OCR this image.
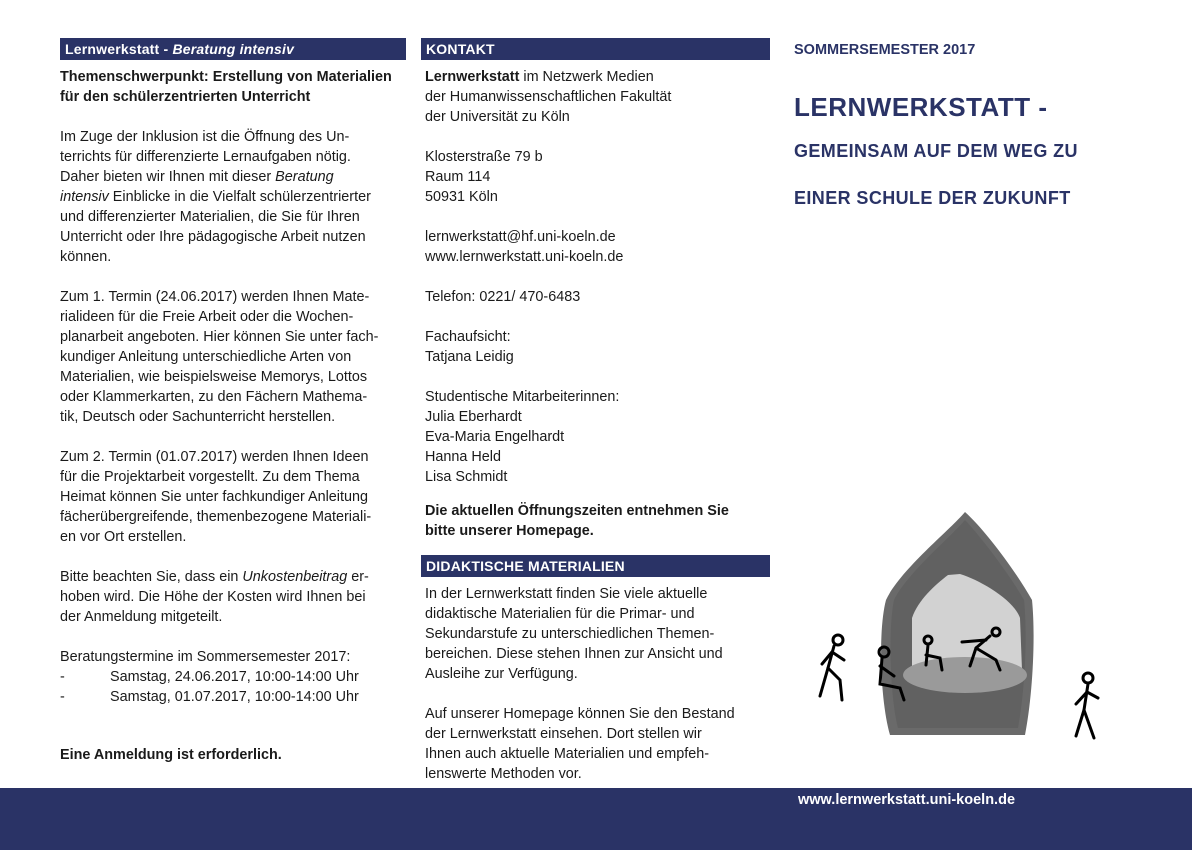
Lernwerkstatt - Beratung intensiv

Themenschwerpunkt: Erstellung von Materialien

für den schülerzentrierten Unterricht

Im Zuge der Inklusion ist die Öffnung des Un-

terrichts für differenzierte Lernaufgaben nötig.

Daher bieten wir Ihnen mit dieser Beratung

intensiv Einblicke in die Vielfalt schülerzentrierter

und differenzierter Materialien, die Sie für Ihren

Unterricht oder Ihre pädagogische Arbeit nutzen

können.

Zum 1. Termin (24.06.2017) werden Ihnen Mate-

rialideen für die Freie Arbeit oder die Wochen-

planarbeit angeboten. Hier können Sie unter fach-

kundiger Anleitung unterschiedliche Arten von

Materialien, wie beispielsweise Memorys, Lottos

oder Klammerkarten, zu den Fächern Mathema-

tik, Deutsch oder Sachunterricht herstellen.

Zum 2. Termin (01.07.2017) werden Ihnen Ideen

für die Projektarbeit vorgestellt. Zu dem Thema

Heimat können Sie unter fachkundiger Anleitung

fächerübergreifende, themenbezogene Materiali-

en vor Ort erstellen.

Bitte beachten Sie, dass ein Unkostenbeitrag er-

hoben wird. Die Höhe der Kosten wird Ihnen bei

der Anmeldung mitgeteilt.

Beratungstermine im Sommersemester 2017:

-	Samstag, 24.06.2017, 10:00-14:00 Uhr
-	Samstag, 01.07.2017, 10:00-14:00 Uhr

Eine Anmeldung ist erforderlich.

KONTAKT

Lernwerkstatt im Netzwerk Medien

der Humanwissenschaftlichen Fakultät

der Universität zu Köln

Klosterstraße 79 b

Raum 114

50931 Köln

lernwerkstatt@hf.uni-koeln.de

www.lernwerkstatt.uni-koeln.de

Telefon: 0221/ 470-6483

Fachaufsicht:

Tatjana Leidig

Studentische Mitarbeiterinnen:

Julia Eberhardt

Eva-Maria Engelhardt

Hanna Held

Lisa Schmidt

Die aktuellen Öffnungszeiten entnehmen Sie

bitte unserer Homepage.

DIDAKTISCHE MATERIALIEN

In der Lernwerkstatt finden Sie viele aktuelle

didaktische Materialien für die Primar- und

Sekundarstufe zu unterschiedlichen Themen-

bereichen. Diese stehen Ihnen zur Ansicht und

Ausleihe zur Verfügung.

Auf unserer Homepage können Sie den Bestand

der Lernwerkstatt einsehen. Dort stellen wir

Ihnen auch aktuelle Materialien und empfeh-

lenswerte Methoden vor.

SOMMERSEMESTER 2017
LERNWERKSTATT -
GEMEINSAM AUF DEM WEG ZU
EINER SCHULE DER ZUKUNFT
www.lernwerkstatt.uni-koeln.de
